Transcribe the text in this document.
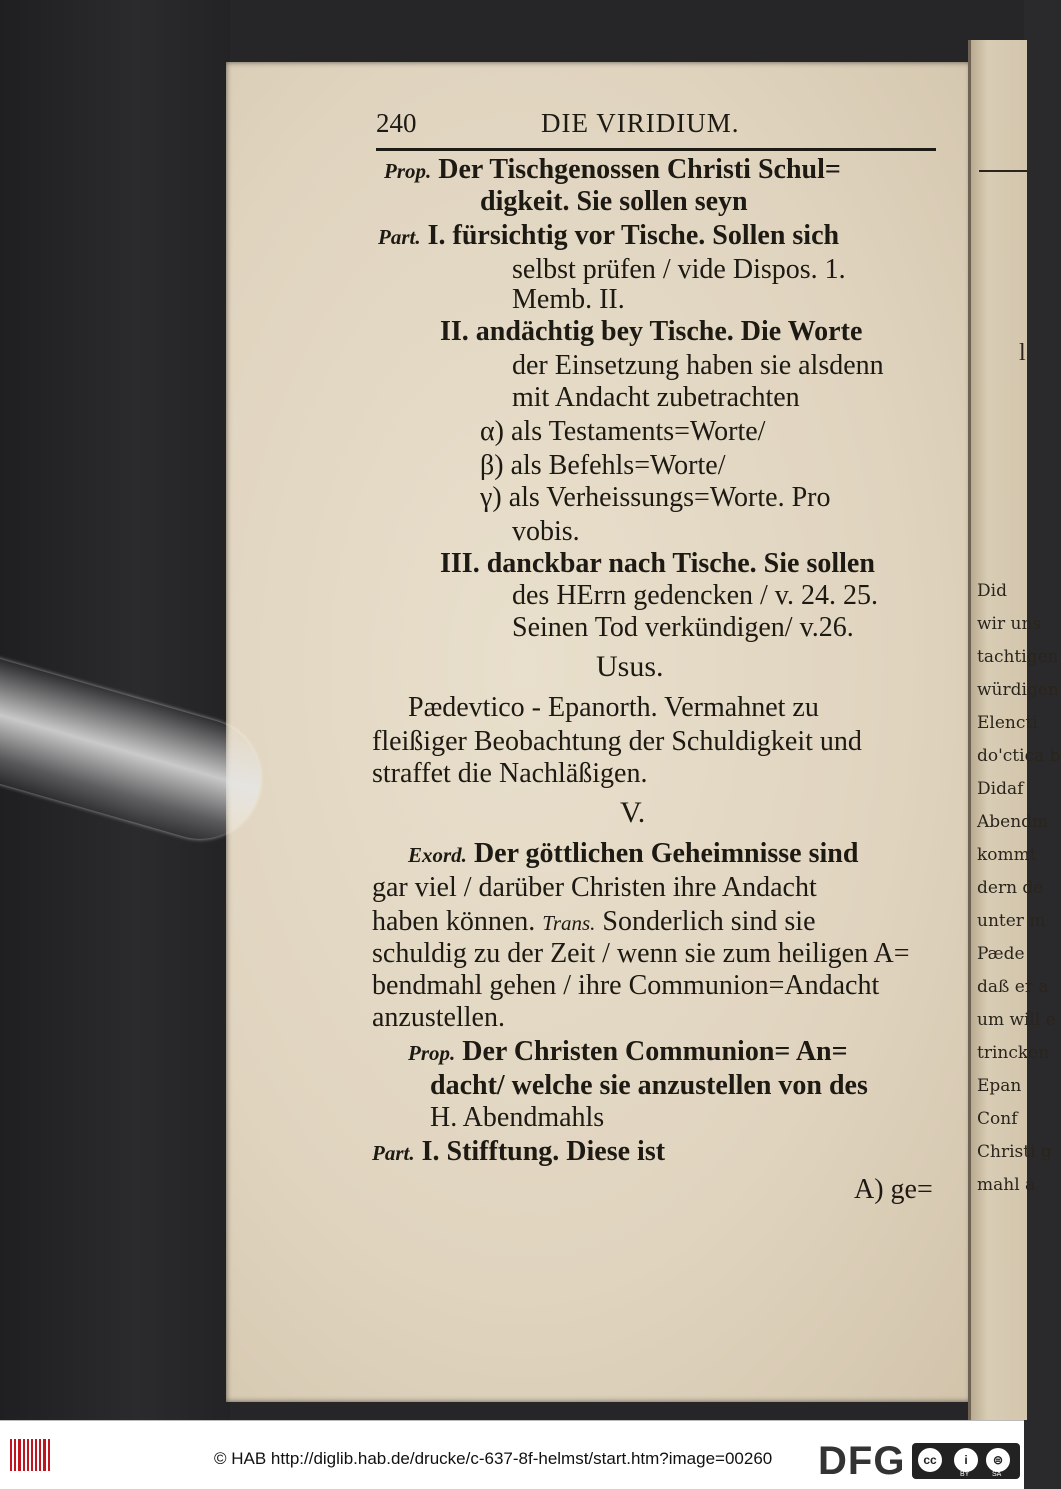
240	DIE VIRIDIUM.
Prop. Der Tischgenossen Christi Schul=
digkeit. Sie sollen seyn
Part. I. fürsichtig vor Tische. Sollen sich
selbst prüfen / vide Dispos. 1.
Memb. II.
II. andächtig bey Tische. Die Worte
der Einsetzung haben sie alsdenn
mit Andacht zubetrachten
α) als Testaments=Worte/
β) als Befehls=Worte/
γ) als Verheissungs=Worte. Pro
vobis.
III. danckbar nach Tische. Sie sollen
des HErrn gedencken / v. 24. 25.
Seinen Tod verkündigen/ v.26.
Usus.
Pædevtico - Epanorth. Vermahnet zu
fleißiger Beobachtung der Schuldigkeit und
straffet die Nachläßigen.
V.
Exord. Der göttlichen Geheimnisse sind
gar viel / darüber Christen ihre Andacht
haben können. Trans. Sonderlich sind sie
schuldig zu der Zeit / wenn sie zum heiligen A=
bendmahl gehen / ihre Communion=Andacht
anzustellen.
Prop. Der Christen Communion= An=
dacht/ welche sie anzustellen von des
H. Abendmahls
Part. I. Stifftung. Diese ist
A) ge=
l
Did
wir uns
tachtigen
würdigen
Elencti
do'ctica b
Didaf
Abendm
kommt
dern de
unter m
Pæde
daß er a
um will e
trincken
Epan
Conf
Christi g
mahl a
© HAB http://diglib.hab.de/drucke/c-637-8f-helmst/start.htm?image=00260 DFG	cc	i	⊜
BY	SA
